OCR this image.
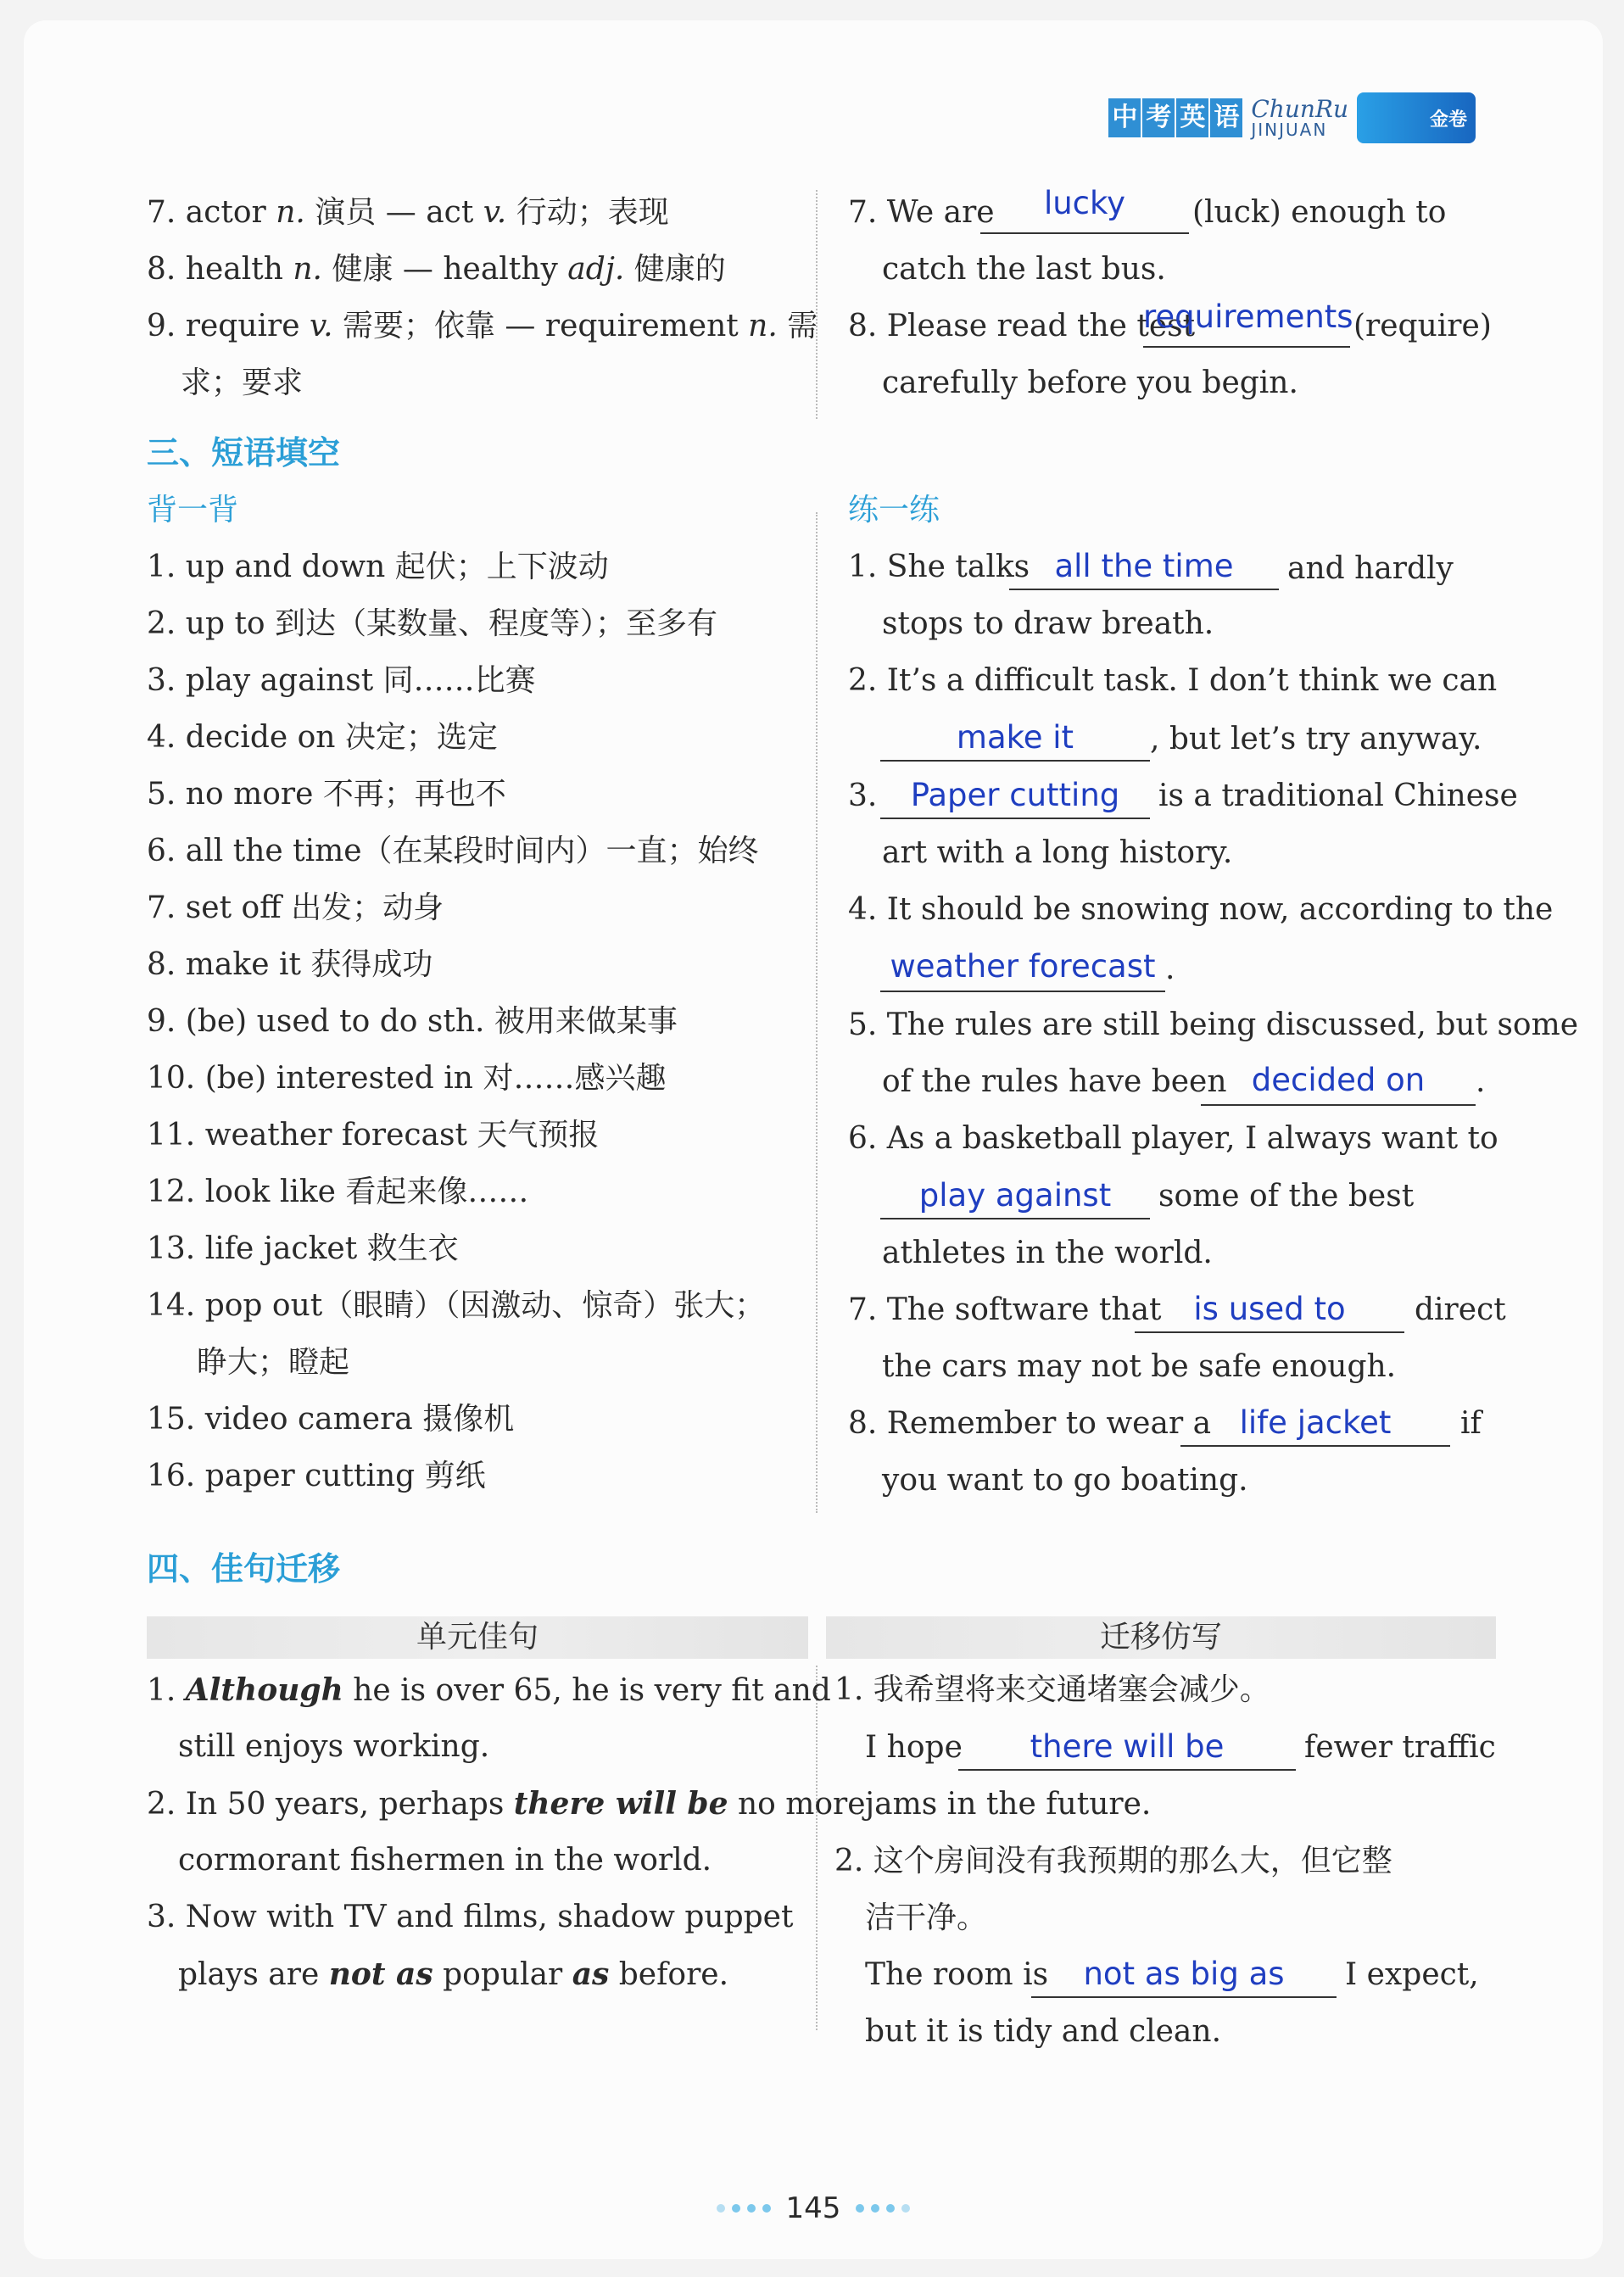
中 考 英 语 ChunRu
JINJUAN	金卷
7. actor n. 演员 — act v. 行动；表现
8. health n. 健康 — healthy adj. 健康的
9. require v. 需要；依靠 — requirement n. 需
求；要求
7. We are	lucky	(luck) enough to
catch the last bus.
8. Please read the test
requirements (require)
carefully before you begin.
三、短语填空
背一背	练一练
1. up and down 起伏；上下波动
2. up to 到达（某数量、程度等）；至多有
3. play against 同……比赛
4. decide on 决定；选定
5. no more 不再；再也不
6. all the time（在某段时间内）一直；始终
7. set off 出发；动身
8. make it 获得成功
9. (be) used to do sth. 被用来做某事
10. (be) interested in 对……感兴趣
11. weather forecast 天气预报
12. look like 看起来像……
13. life jacket 救生衣
14. pop out（眼睛）（因激动、惊奇）张大；
睁大；瞪起
15. video camera 摄像机
16. paper cutting 剪纸
1. She talks all the time	and hardly
stops to draw breath.
2. It’s a difficult task. I don’t think we can
make it	, but let’s try anyway.
3.	Paper cutting	is a traditional Chinese
art with a long history.
4. It should be snowing now, according to the
weather forecast .
5. The rules are still being discussed, but some
of the rules have been decided on	.
6. As a basketball player, I always want to
play against	some of the best
athletes in the world.
7. The software that	is used to	direct
the cars may not be safe enough.
8. Remember to wear a life jacket	if
you want to go boating.
四、佳句迁移
单元佳句	迁移仿写
1. Although he is over 65, he is very fit and
still enjoys working.
2. In 50 years, perhaps there will be no more
cormorant fishermen in the world.
3. Now with TV and films, shadow puppet
plays are not as popular as before.
1. 我希望将来交通堵塞会减少。
I hope	there will be	fewer traffic
jams in the future.
2. 这个房间没有我预期的那么大，但它整
洁干净。
The room is	not as big as	I expect,
but it is tidy and clean.
145
